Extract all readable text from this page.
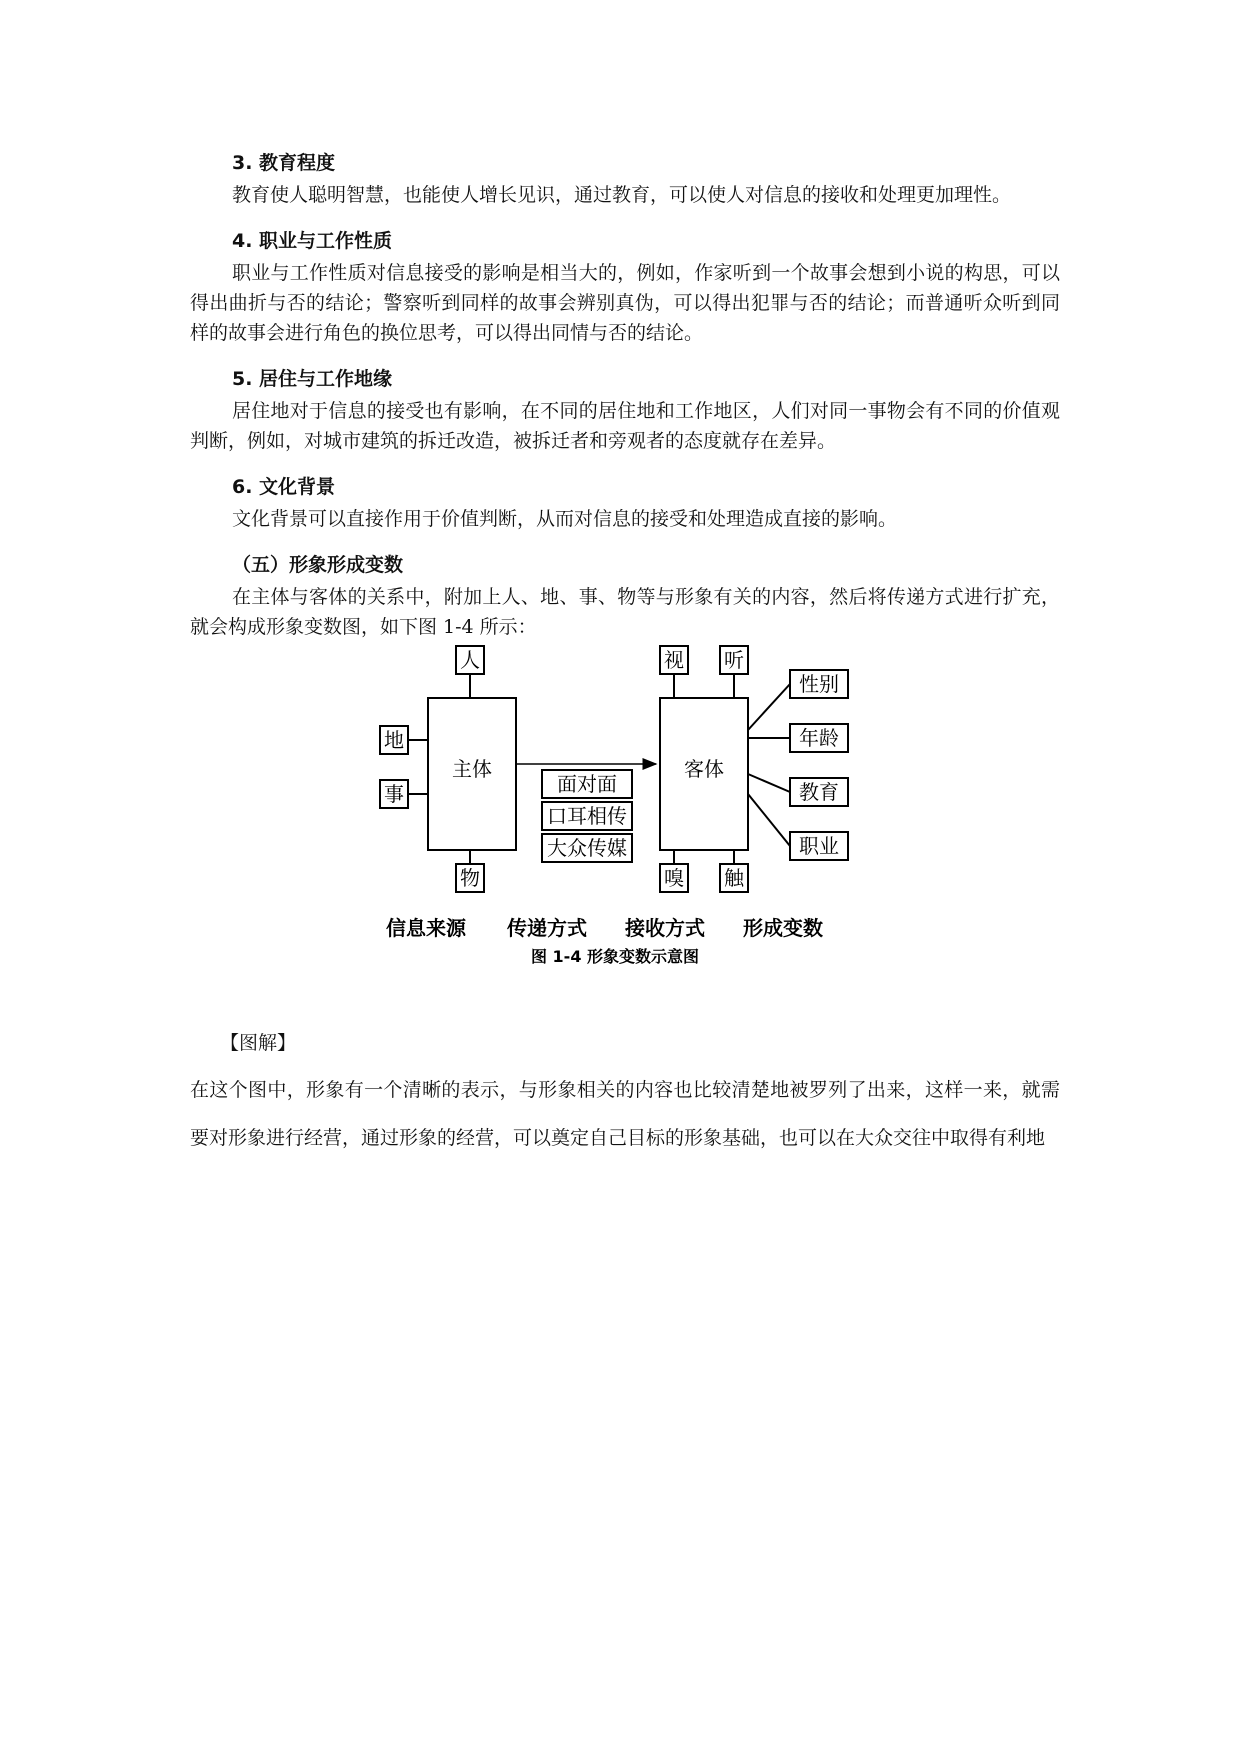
3. 教育程度

教育使人聪明智慧，也能使人增长见识，通过教育，可以使人对信息的接收和处理更加理性。

4. 职业与工作性质

职业与工作性质对信息接受的影响是相当大的，例如，作家听到一个故事会想到小说的构思，可以得出曲折与否的结论；警察听到同样的故事会辨别真伪，可以得出犯罪与否的结论；而普通听众听到同样的故事会进行角色的换位思考，可以得出同情与否的结论。

5. 居住与工作地缘

居住地对于信息的接受也有影响，在不同的居住地和工作地区，人们对同一事物会有不同的价值观判断，例如，对城市建筑的拆迁改造，被拆迁者和旁观者的态度就存在差异。

6. 文化背景

文化背景可以直接作用于价值判断，从而对信息的接受和处理造成直接的影响。

（五）形象形成变数

在主体与客体的关系中，附加上人、地、事、物等与形象有关的内容，然后将传递方式进行扩充，就会构成形象变数图，如下图 1-4 所示：

主体	客体
人
地
事
物
面对面
口耳相传
大众传媒
视 听
嗅 触
性别
年龄
教育
职业
信息来源 传递方式 接收方式 形成变数
图 1-4 形象变数示意图
【图解】

在这个图中，形象有一个清晰的表示，与形象相关的内容也比较清楚地被罗列了出来，这样一来，就需要对形象进行经营，通过形象的经营，可以奠定自己目标的形象基础，也可以在大众交往中取得有利地
